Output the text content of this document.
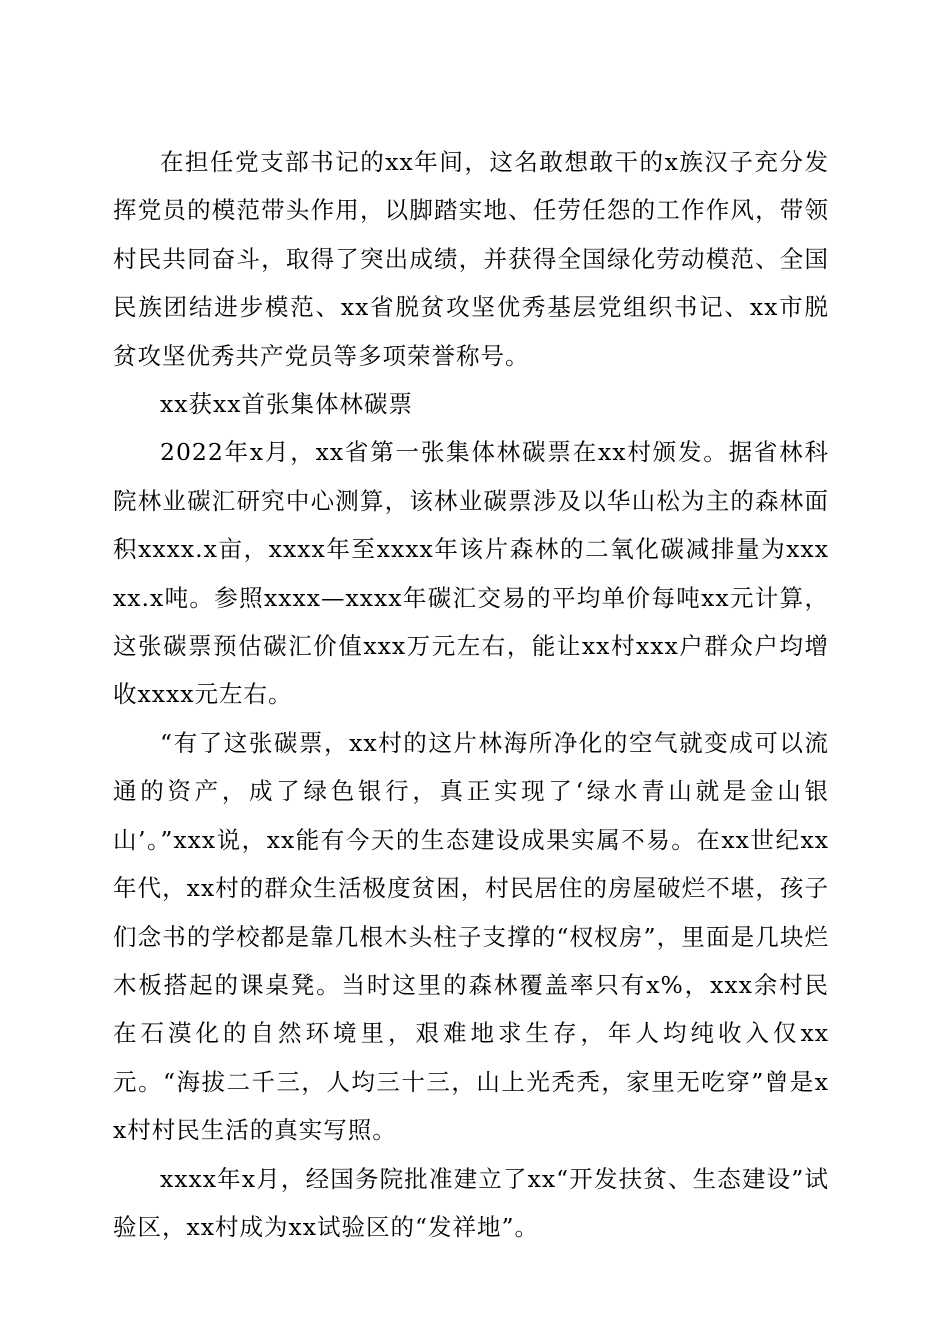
在担任党支部书记的xx年间，这名敢想敢干的x族汉子充分发挥党员的模范带头作用，以脚踏实地、任劳任怨的工作作风，带领村民共同奋斗，取得了突出成绩，并获得全国绿化劳动模范、全国民族团结进步模范、xx省脱贫攻坚优秀基层党组织书记、xx市脱贫攻坚优秀共产党员等多项荣誉称号。

xx获xx首张集体林碳票

2022年x月，xx省第一张集体林碳票在xx村颁发。据省林科院林业碳汇研究中心测算，该林业碳票涉及以华山松为主的森林面积xxxx.x亩，xxxx年至xxxx年该片森林的二氧化碳减排量为xxxxx.x吨。参照xxxx—xxxx年碳汇交易的平均单价每吨xx元计算，这张碳票预估碳汇价值xxx万元左右，能让xx村xxx户群众户均增收xxxx元左右。

“有了这张碳票，xx村的这片林海所净化的空气就变成可以流通的资产，成了绿色银行，真正实现了‘绿水青山就是金山银山’。”xxx说，xx能有今天的生态建设成果实属不易。在xx世纪xx年代，xx村的群众生活极度贫困，村民居住的房屋破烂不堪，孩子们念书的学校都是靠几根木头柱子支撑的“杈杈房”，里面是几块烂木板搭起的课桌凳。当时这里的森林覆盖率只有x%，xxx余村民在石漠化的自然环境里，艰难地求生存，年人均纯收入仅xx元。“海拔二千三，人均三十三，山上光秃秃，家里无吃穿”曾是xx村村民生活的真实写照。

xxxx年x月，经国务院批准建立了xx“开发扶贫、生态建设”试验区，xx村成为xx试验区的“发祥地”。
